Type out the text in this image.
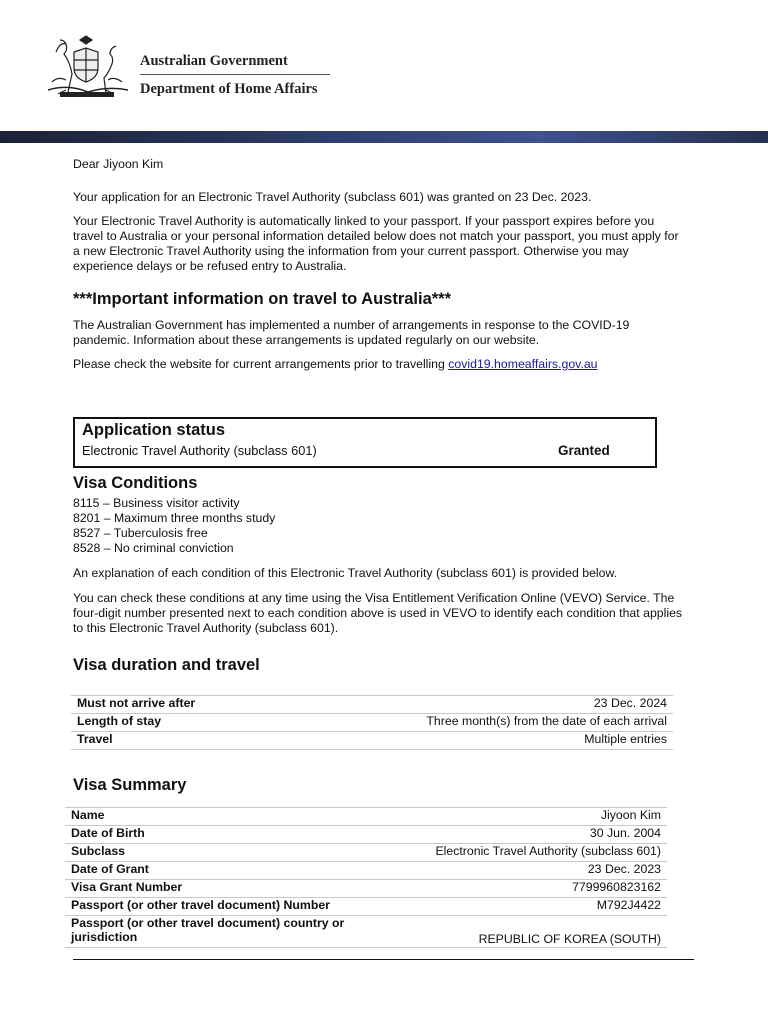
Australian Government
Department of Home Affairs

Dear Jiyoon Kim

Your application for an Electronic Travel Authority (subclass 601) was granted on 23 Dec. 2023.

Your Electronic Travel Authority is automatically linked to your passport. If your passport expires before you travel to Australia or your personal information detailed below does not match your passport, you must apply for a new Electronic Travel Authority using the information from your current passport. Otherwise you may experience delays or be refused entry to Australia.

***Important information on travel to Australia***

The Australian Government has implemented a number of arrangements in response to the COVID-19 pandemic. Information about these arrangements is updated regularly on our website.

Please check the website for current arrangements prior to travelling covid19.homeaffairs.gov.au

Application status
Electronic Travel Authority (subclass 601)	Granted
Visa Conditions
8115 – Business visitor activity
8201 – Maximum three months study
8527 – Tuberculosis free
8528 – No criminal conviction

An explanation of each condition of this Electronic Travel Authority (subclass 601) is provided below.

You can check these conditions at any time using the Visa Entitlement Verification Online (VEVO) Service. The four-digit number presented next to each condition above is used in VEVO to identify each condition that applies to this Electronic Travel Authority (subclass 601).

Visa duration and travel
Must not arrive after	23 Dec. 2024
Length of stay	Three month(s) from the date of each arrival
Travel	Multiple entries
Visa Summary
Name	Jiyoon Kim
Date of Birth	30 Jun. 2004
Subclass	Electronic Travel Authority (subclass 601)
Date of Grant	23 Dec. 2023
Visa Grant Number	7799960823162
Passport (or other travel document) Number	M792J4422
Passport (or other travel document) country or jurisdiction	REPUBLIC OF KOREA (SOUTH)
